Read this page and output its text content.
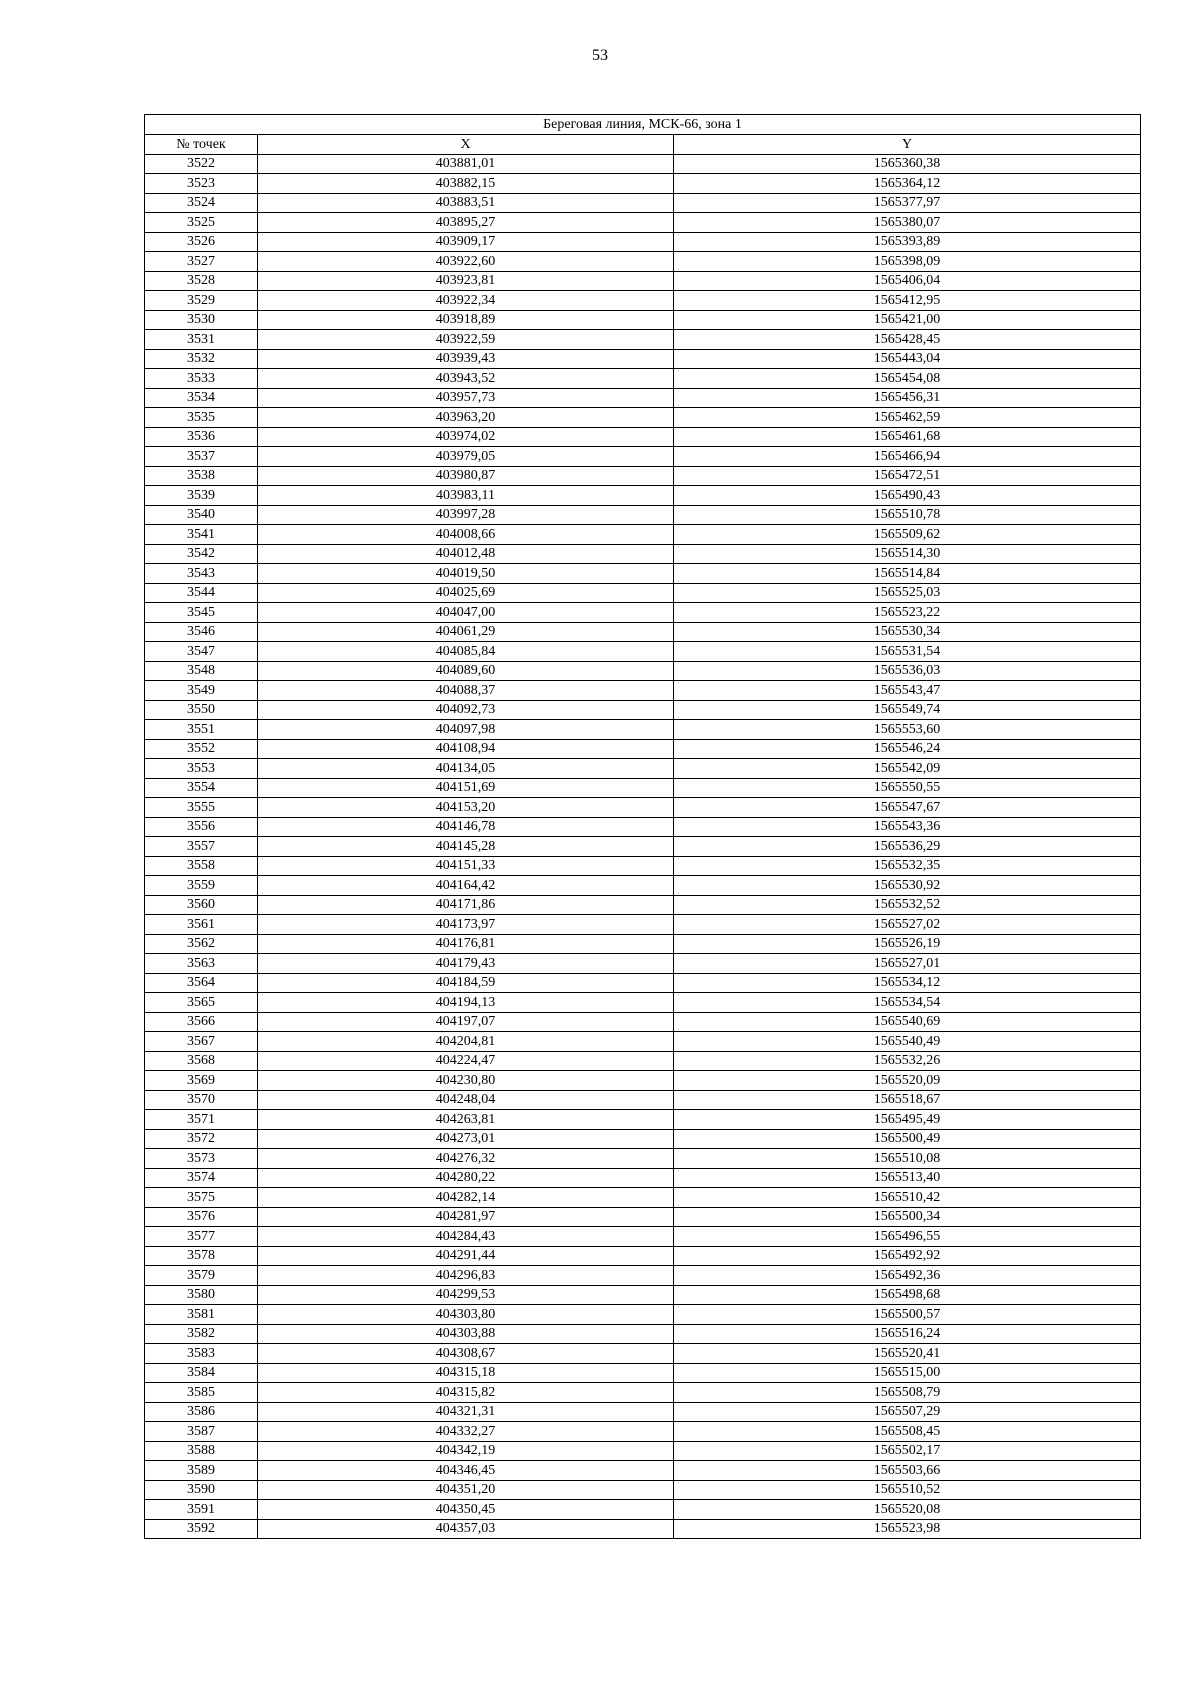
53
Береговая линия, МСК-66, зона 1		
№ точек	X	Y
3522	403881,01	1565360,38
3523	403882,15	1565364,12
3524	403883,51	1565377,97
3525	403895,27	1565380,07
3526	403909,17	1565393,89
3527	403922,60	1565398,09
3528	403923,81	1565406,04
3529	403922,34	1565412,95
3530	403918,89	1565421,00
3531	403922,59	1565428,45
3532	403939,43	1565443,04
3533	403943,52	1565454,08
3534	403957,73	1565456,31
3535	403963,20	1565462,59
3536	403974,02	1565461,68
3537	403979,05	1565466,94
3538	403980,87	1565472,51
3539	403983,11	1565490,43
3540	403997,28	1565510,78
3541	404008,66	1565509,62
3542	404012,48	1565514,30
3543	404019,50	1565514,84
3544	404025,69	1565525,03
3545	404047,00	1565523,22
3546	404061,29	1565530,34
3547	404085,84	1565531,54
3548	404089,60	1565536,03
3549	404088,37	1565543,47
3550	404092,73	1565549,74
3551	404097,98	1565553,60
3552	404108,94	1565546,24
3553	404134,05	1565542,09
3554	404151,69	1565550,55
3555	404153,20	1565547,67
3556	404146,78	1565543,36
3557	404145,28	1565536,29
3558	404151,33	1565532,35
3559	404164,42	1565530,92
3560	404171,86	1565532,52
3561	404173,97	1565527,02
3562	404176,81	1565526,19
3563	404179,43	1565527,01
3564	404184,59	1565534,12
3565	404194,13	1565534,54
3566	404197,07	1565540,69
3567	404204,81	1565540,49
3568	404224,47	1565532,26
3569	404230,80	1565520,09
3570	404248,04	1565518,67
3571	404263,81	1565495,49
3572	404273,01	1565500,49
3573	404276,32	1565510,08
3574	404280,22	1565513,40
3575	404282,14	1565510,42
3576	404281,97	1565500,34
3577	404284,43	1565496,55
3578	404291,44	1565492,92
3579	404296,83	1565492,36
3580	404299,53	1565498,68
3581	404303,80	1565500,57
3582	404303,88	1565516,24
3583	404308,67	1565520,41
3584	404315,18	1565515,00
3585	404315,82	1565508,79
3586	404321,31	1565507,29
3587	404332,27	1565508,45
3588	404342,19	1565502,17
3589	404346,45	1565503,66
3590	404351,20	1565510,52
3591	404350,45	1565520,08
3592	404357,03	1565523,98
